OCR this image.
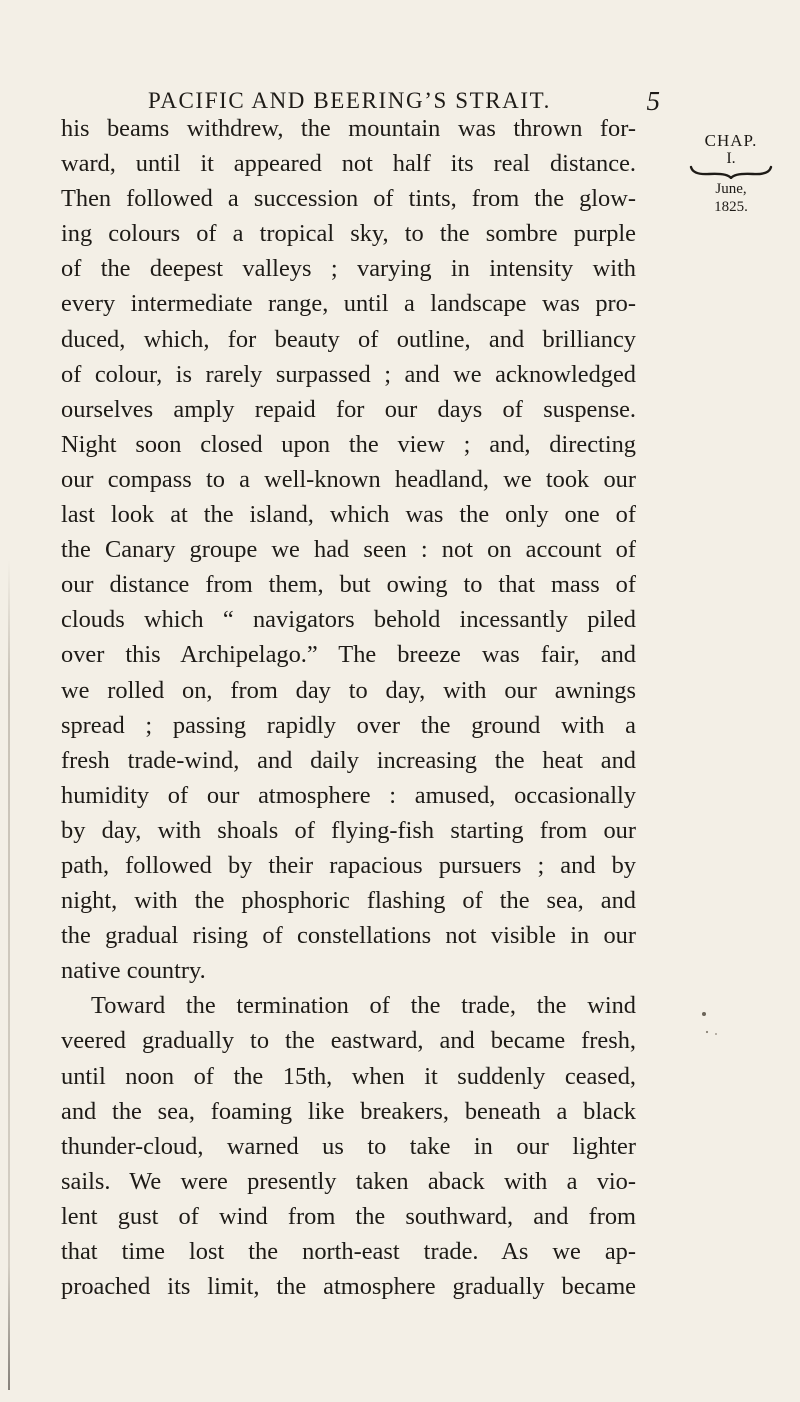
PACIFIC AND BEERING’S STRAIT.	5
his beams withdrew, the mountain was thrown for-
ward, until it appeared not half its real distance.
Then followed a succession of tints, from the glow-
ing colours of a tropical sky, to the sombre purple
of the deepest valleys ; varying in intensity with
every intermediate range, until a landscape was pro-
duced, which, for beauty of outline, and brilliancy
of colour, is rarely surpassed ; and we acknowledged
ourselves amply repaid for our days of suspense.
Night soon closed upon the view ; and, directing
our compass to a well-known headland, we took our
last look at the island, which was the only one of
the Canary groupe we had seen : not on account of
our distance from them, but owing to that mass of
clouds which “ navigators behold incessantly piled
over this Archipelago.” The breeze was fair, and
we rolled on, from day to day, with our awnings
spread ; passing rapidly over the ground with a
fresh trade-wind, and daily increasing the heat and
humidity of our atmosphere : amused, occasionally
by day, with shoals of flying-fish starting from our
path, followed by their rapacious pursuers ; and by
night, with the phosphoric flashing of the sea, and
the gradual rising of constellations not visible in our
native country.
Toward the termination of the trade, the wind
veered gradually to the eastward, and became fresh,
until noon of the 15th, when it suddenly ceased,
and the sea, foaming like breakers, beneath a black
thunder-cloud, warned us to take in our lighter
sails. We were presently taken aback with a vio-
lent gust of wind from the southward, and from
that time lost the north-east trade. As we ap-
proached its limit, the atmosphere gradually became
CHAP.
I.
June,
1825.
